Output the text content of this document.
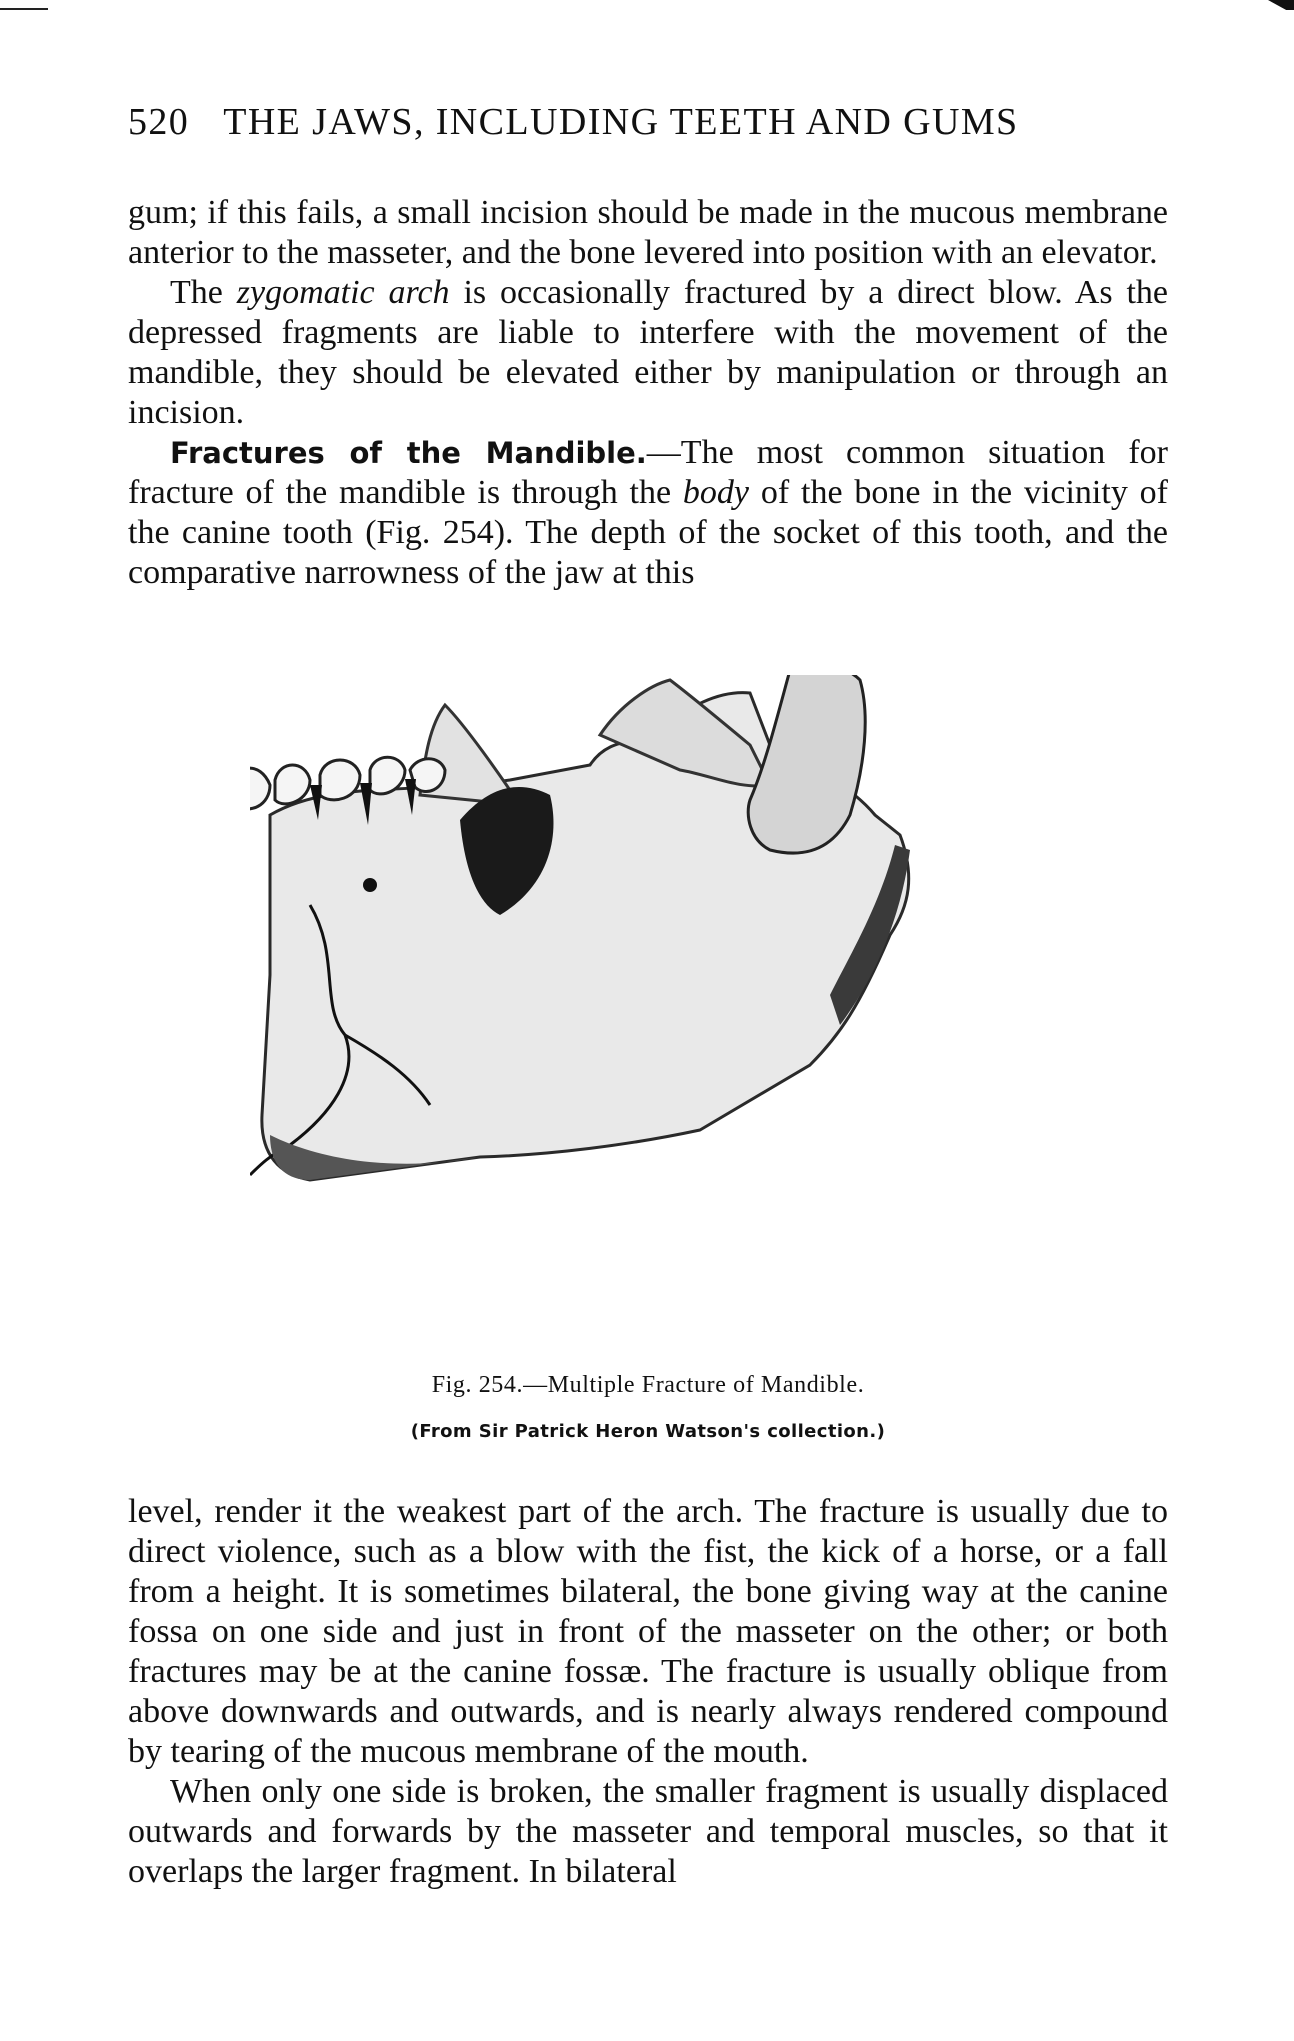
520 THE JAWS, INCLUDING TEETH AND GUMS

gum; if this fails, a small incision should be made in the mucous membrane anterior to the masseter, and the bone levered into position with an elevator.

The zygomatic arch is occasionally fractured by a direct blow. As the depressed fragments are liable to interfere with the movement of the mandible, they should be elevated either by manipulation or through an incision.

Fractures of the Mandible.—The most common situation for fracture of the mandible is through the body of the bone in the vicinity of the canine tooth (Fig. 254). The depth of the socket of this tooth, and the comparative narrowness of the jaw at this

Fig. 254.—Multiple Fracture of Mandible.
(From Sir Patrick Heron Watson's collection.)

level, render it the weakest part of the arch. The fracture is usually due to direct violence, such as a blow with the fist, the kick of a horse, or a fall from a height. It is sometimes bilateral, the bone giving way at the canine fossa on one side and just in front of the masseter on the other; or both fractures may be at the canine fossæ. The fracture is usually oblique from above downwards and outwards, and is nearly always rendered compound by tearing of the mucous membrane of the mouth.

When only one side is broken, the smaller fragment is usually displaced outwards and forwards by the masseter and temporal muscles, so that it overlaps the larger fragment. In bilateral
